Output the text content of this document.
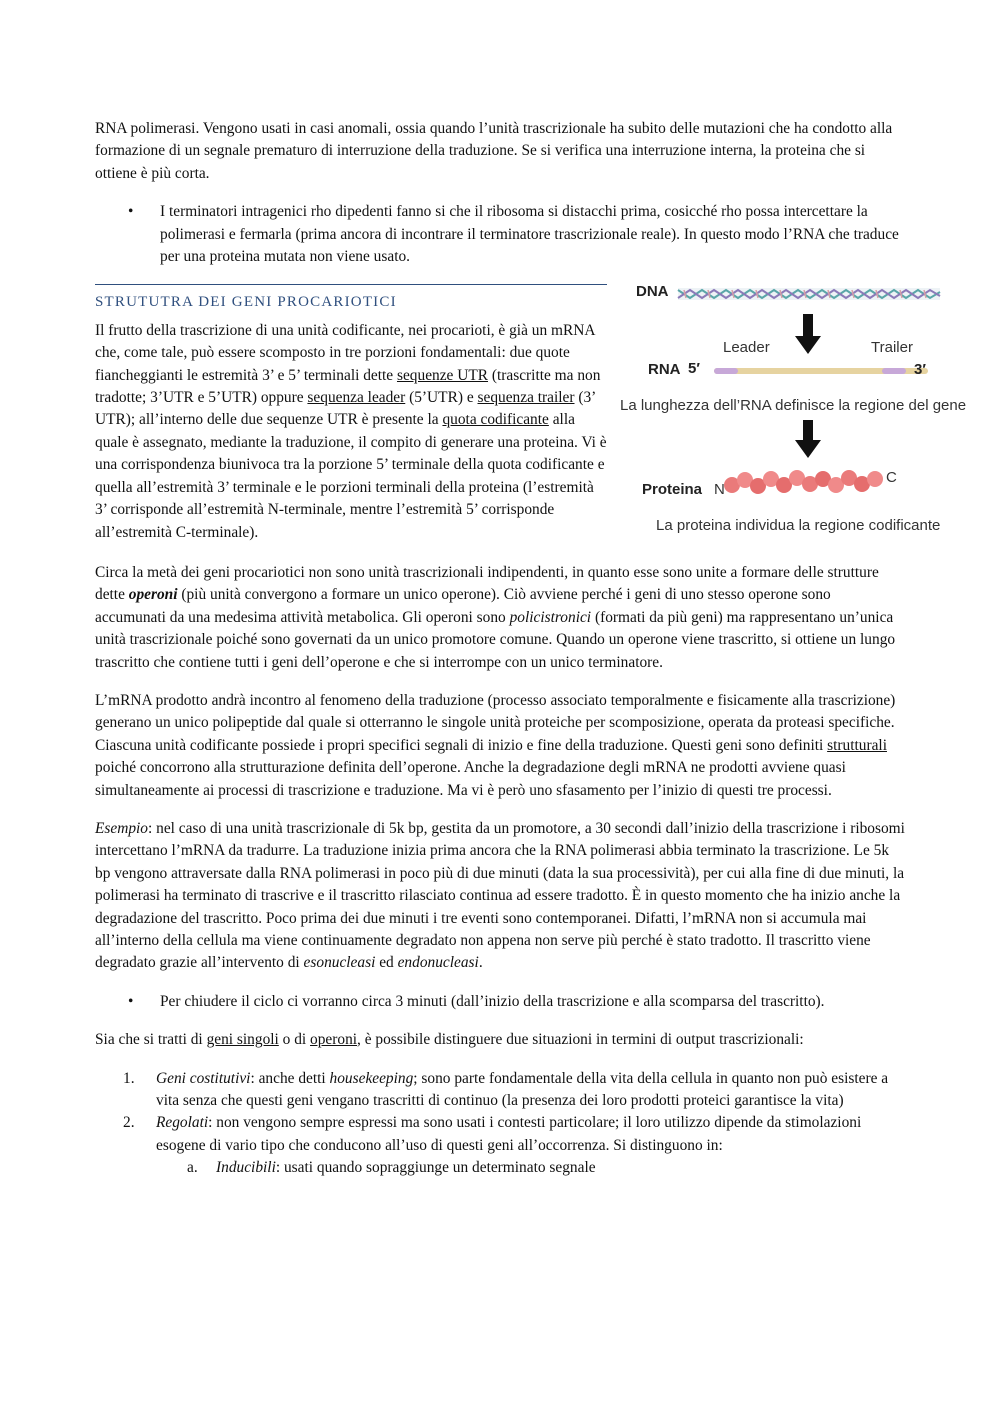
RNA polimerasi. Vengono usati in casi anomali, ossia quando l’unità trascrizionale ha subito delle mutazioni che ha condotto alla formazione di un segnale prematuro di interruzione della traduzione. Se si verifica una interruzione interna, la proteina che si ottiene è più corta.

• I terminatori intragenici rho dipedenti fanno si che il ribosoma si distacchi prima, cosicché rho possa intercettare la polimerasi e fermarla (prima ancora di incontrare il terminatore trascrizionale reale). In questo modo l’RNA che traduce per una proteina mutata non viene usato.
STRUTUTRA DEI GENI PROCARIOTICI

Il frutto della trascrizione di una unità codificante, nei procarioti, è già un mRNA che, come tale, può essere scomposto in tre porzioni fondamentali: due quote fiancheggianti le estremità 3’ e 5’ terminali dette sequenze UTR (trascritte ma non tradotte; 3’UTR e 5’UTR) oppure sequenza leader (5’UTR) e sequenza trailer (3’ UTR); all’interno delle due sequenze UTR è presente la quota codificante alla quale è assegnato, mediante la traduzione, il compito di generare una proteina. Vi è una corrispondenza biunivoca tra la porzione 5’ terminale della quota codificante e quella all’estremità 3’ terminale e le porzioni terminali della proteina (l’estremità 3’ corrisponde all’estremità N-terminale, mentre l’estremità 5’ corrisponde all’estremità C-terminale).

Circa la metà dei geni procariotici non sono unità trascrizionali indipendenti, in quanto esse sono unite a formare delle strutture dette operoni (più unità convergono a formare un unico operone). Ciò avviene perché i geni di uno stesso operone sono accumunati da una medesima attività metabolica. Gli operoni sono policistronici (formati da più geni) ma rappresentano un’unica unità trascrizionale poiché sono governati da un unico promotore comune. Quando un operone viene trascritto, si ottiene un lungo trascritto che contiene tutti i geni dell’operone e che si interrompe con un unico terminatore.

L’mRNA prodotto andrà incontro al fenomeno della traduzione (processo associato temporalmente e fisicamente alla trascrizione) generano un unico polipeptide dal quale si otterranno le singole unità proteiche per scomposizione, operata da proteasi specifiche. Ciascuna unità codificante possiede i propri specifici segnali di inizio e fine della traduzione. Questi geni sono definiti strutturali poiché concorrono alla strutturazione definita dell’operone. Anche la degradazione degli mRNA ne prodotti avviene quasi simultaneamente ai processi di trascrizione e traduzione. Ma vi è però uno sfasamento per l’inizio di questi tre processi.

Esempio: nel caso di una unità trascrizionale di 5k bp, gestita da un promotore, a 30 secondi dall’inizio della trascrizione i ribosomi intercettano l’mRNA da tradurre. La traduzione inizia prima ancora che la RNA polimerasi abbia terminato la trascrizione. Le 5k bp vengono attraversate dalla RNA polimerasi in poco più di due minuti (data la sua processività), per cui alla fine di due minuti, la polimerasi ha terminato di trascrive e il trascritto rilasciato continua ad essere tradotto. È in questo momento che ha inizio anche la degradazione del trascritto. Poco prima dei due minuti i tre eventi sono contemporanei. Difatti, l’mRNA non si accumula mai all’interno della cellula ma viene continuamente degradato non appena non serve più perché è stato tradotto. Il trascritto viene degradato grazie all’intervento di esonucleasi ed endonucleasi.

• Per chiudere il ciclo ci vorranno circa 3 minuti (dall’inizio della trascrizione e alla scomparsa del trascritto).

Sia che si tratti di geni singoli o di operoni, è possibile distinguere due situazioni in termini di output trascrizionali:

1.	Geni costitutivi: anche detti housekeeping; sono parte fondamentale della vita della cellula in quanto non può esistere a vita senza che questi geni vengano trascritti di continuo (la presenza dei loro prodotti proteici garantisce la vita)
2.	Regolati: non vengono sempre espressi ma sono usati i contesti particolare; il loro utilizzo dipende da stimolazioni esogene di vario tipo che conducono all’uso di questi geni all’occorrenza. Si distinguono in:
a.	Inducibili: usati quando sopraggiunge un determinato segnale
DNA
Leader	Trailer
RNA 5′	3′
La lunghezza dell’RNA definisce la regione del gene
Proteina N
C
La proteina individua la regione codificante
